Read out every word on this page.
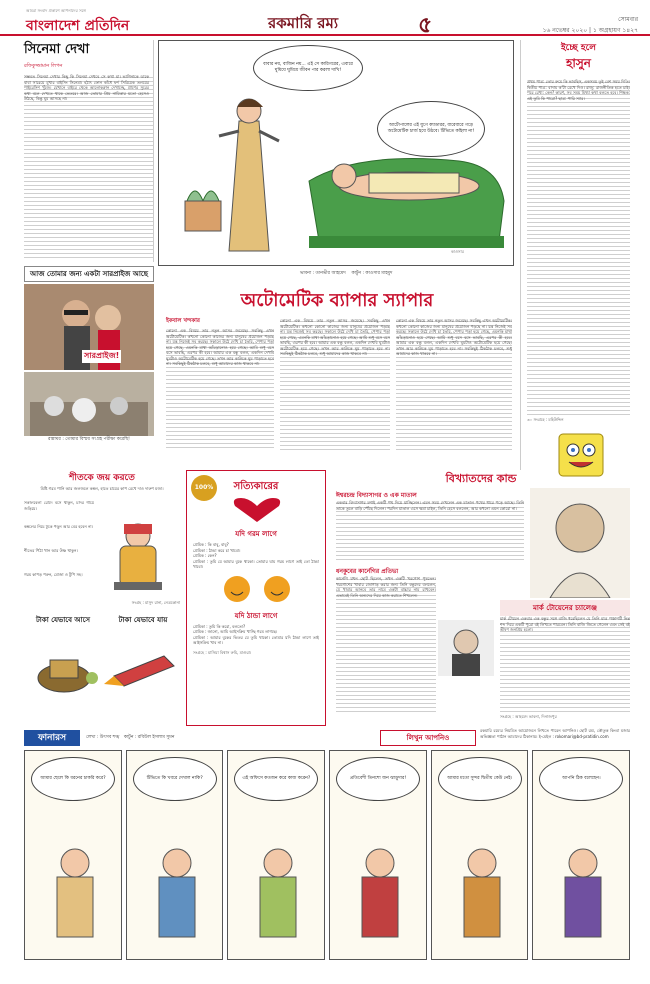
আমরা সংবাদ প্রকাশে আপনাদের সঙ্গে
বাংলাদেশ প্রতিদিন	রকমারি রম্য	৫	সোমবার
১৬ নভেম্বর ২০২০ | ১ অগ্রহায়ণ ১৪২৭
সিনেমা দেখা
রফিকুজ্জামান লিপন
সম্ভবত সিনেমা দেখার কিছু কি সিনেমা দেখবে সে কথা মা। ভাগিনাকে ডাকে বাবা সারেয়ে মুখার বাইসিং সিনেমা। হঠাৎ ফোন কাঁধে ফর্দ সিরিয়েক তলয়ের পাইরেসিশ খুঁজে। যেখানে বাইরে থেকে আলোকস্নান দেখাচ্ছে, প্রাণের সুরের কথা বলে দেখতে থাকে ভেতরে। আজ তোমার প্রিয় নায়িকার মতো হেসেও উঠছে, কিন্তু ঘুম আসছে না।
বাবার নয়, বাজিন নয়... এই সে কারিগরের, এবারে ঘুমিয়ে ঘুমিয়ে জীবন পার করলা দাখি!
আর্টোপালের এই যুগে ক্যাডারর, বারেবারে গড়ে অটোমেটিক চার্জ হয়ে উঠবে। টিভিতে কহিলা না!
কাওসার
ভাবনা : তানভীর আহমেদ কার্টুন : কাওসার মাহমুদ
ইচ্ছে হলে
হাসুন
প্রথম পাত্র: তোর রুমে কি ভাবছিস, একসময় তুই বেশ সময় দিতি। দ্বিতীয় পাত্র: বাদাম ক'টা রেখে দিও। রাজু: রাজনীতিক হতে চাই। পরে রেখা: কেন? কারণ, সব সময় মিথ্যা কথা বলতে হবে। শিক্ষক: এই তুমি কি পারো? ছাত্র: পারি স্যার।
৩০ সংগ্রহে : মহিউদ্দিন
আজ তোমার জন্য একটা সারপ্রাইজ আছে
সারপ্রাইজ!
রান্নাঘর : তোমার বিস্ময় সংগ্রহ পরীক্ষা করেছি!
অটোমেটিক ব্যাপার স্যাপার
ইকবাল খন্দকার
কোনো এক বিষয়ে তার নতুন আসর জমেছে। সবকিছু এখন অটোমেটিক। কখনো কোনো কাজের জন্য মানুষের প্রয়োজন পড়ছে না। যন্ত্র নিজেই সব করছে। সকালে উঠে দেখি চা তৈরি, পেপার পড়া হয়ে গেছে, এমনকি মাথা আঁচড়ানোও হয়ে গেছে। আমি শুধু বসে বসে ভাবছি, এরপর কী হবে। আমার এক বন্ধু বলল, একদিন দেখবি ঘুমটাও অটোমেটিক হয়ে গেছে। তখন আর কাউকে ঘুম পাড়াতে হবে না। সবকিছুই ঠিকঠাক চলবে, শুধু আমাদের কাজ থাকবে না।
কোনো এক বিষয়ে তার নতুন আসর জমেছে। সবকিছু এখন অটোমেটিক। কখনো কোনো কাজের জন্য মানুষের প্রয়োজন পড়ছে না। যন্ত্র নিজেই সব করছে। সকালে উঠে দেখি চা তৈরি, পেপার পড়া হয়ে গেছে, এমনকি মাথা আঁচড়ানোও হয়ে গেছে। আমি শুধু বসে বসে ভাবছি, এরপর কী হবে। আমার এক বন্ধু বলল, একদিন দেখবি ঘুমটাও অটোমেটিক হয়ে গেছে। তখন আর কাউকে ঘুম পাড়াতে হবে না। সবকিছুই ঠিকঠাক চলবে, শুধু আমাদের কাজ থাকবে না।
কোনো এক বিষয়ে তার নতুন আসর জমেছে। সবকিছু এখন অটোমেটিক। কখনো কোনো কাজের জন্য মানুষের প্রয়োজন পড়ছে না। যন্ত্র নিজেই সব করছে। সকালে উঠে দেখি চা তৈরি, পেপার পড়া হয়ে গেছে, এমনকি মাথা আঁচড়ানোও হয়ে গেছে। আমি শুধু বসে বসে ভাবছি, এরপর কী হবে। আমার এক বন্ধু বলল, একদিন দেখবি ঘুমটাও অটোমেটিক হয়ে গেছে। তখন আর কাউকে ঘুম পাড়াতে হবে না। সবকিছুই ঠিকঠাক চলবে, শুধু আমাদের কাজ থাকবে না।
শীতকে জয় করতে
মিষ্টি গরম পানি আর জলজলে কম্বল, হাতে চায়ের কাপ রেখে দাও দারুণ মজা।
সকালবেলা রোদে বসে থাকুন, চাদর গায়ে জড়িয়ে।
কম্বলের নিচে ঢুকে পড়ুন আর বের হবেন না।
শীতের পিঠা খান আর উষ্ণ থাকুন।
গরম কাপড় পরুন, মোজা ও টুপি সহ।
সংগ্রহ : মাসুদ রানা, নেত্রকোনা
টাকা যেভাবে আসে	টাকা যেভাবে যায়
100%	সত্যিকারের
যদি গরম লাগে
প্রেমিক : কি বাবু, বাবু?
প্রেমিকা : ঠান্ডা করে চা খাবো।
প্রেমিক : কেন?
প্রেমিকা : তুমি যে আমার বুকে থাকো। তোমার ঘাম গরম লাগে তাই তো ঠান্ডা খাবো।
যদি ঠান্ডা লাগে
প্রেমিকা : তুমি কি করো, বলতো?
প্রেমিক : জানো, আমি আইসক্রিম খাচ্ছি গরম লাগছে।
প্রেমিকা : আমার বুকের ভিতর যে তুমি থাকো। তোমার যদি ঠান্ডা লাগে তাই আইসক্রিম খাব না।
সংগ্রহে : মাসিয়া বিশ্বাস রুমি, মাগুরা।
বিখ্যাতদের কান্ড
ঈশ্বরচন্দ্র বিদ্যাসাগর ও এক মাতাল
একবার বিদ্যাসাগর মশাই একটি পথ দিয়ে যাচ্ছিলেন। এমন সময় দেখলেন এক মাতাল পথের ধারে পড়ে আছে। তিনি তাকে তুলে বাড়ি পৌঁছে দিলেন। পরদিন মাতাল এসে ক্ষমা চাইল, তিনি হেসে বললেন, আর কখনো এমন কোরো না।
ধনকুবের কার্নেগির প্রতিভা
কার্নেগি যখন ছোট ছিলেন, তখন একটি খরগোশ পুষতেন। খরগোশের খাবার জোগাড় করার জন্য তিনি বন্ধুদের বললেন, যে খাবার আনবে তার নামে একটা বাচ্চার নাম রাখবেন। এভাবেই তিনি অন্যদের দিয়ে কাজ করাতে শিখলেন।
মার্ক টোয়েনের চ্যালেঞ্জ
মার্ক টোয়েন একবার এক বন্ধুর সঙ্গে বাজি ধরেছিলেন যে তিনি মাত্র পঞ্চাশটি ভিন্ন শব্দ দিয়ে একটি পুরো বই লিখতে পারবেন। তিনি বাজি জিতে গেলেন এবং সেই বই ভীষণ জনপ্রিয় হলো।
সংগ্রহে : আহমেদ ভাবনা, দিনাজপুর
ফানারস	লেখা : উৎসব শঙ্খ কার্টুন : রবিউল ইসলাম সুমন
আমার ছেলে কি ধরনের চাকরি করে?	টিভিতে কি খবরে দেখাল নাকি?	এই অফিসে কতজন করে কাজ করেন?	প্রতিবেশী তিনশো জন ঝাড়ুদার!	আমার মতো সুন্দর দ্বিতীয় কেউ নেই।	আপনি ঠিক বলেছেন।
লিখুন আপনিও
রকমারি রম্যের নিয়মিত আয়োজনে লিখতে পারেন আপনিও। ছোট রম্য, কৌতুক কিংবা মজার অভিজ্ঞতা পাঠান আমাদের ঠিকানায়। ই-মেইল : rokomari@bd-pratidin.com
